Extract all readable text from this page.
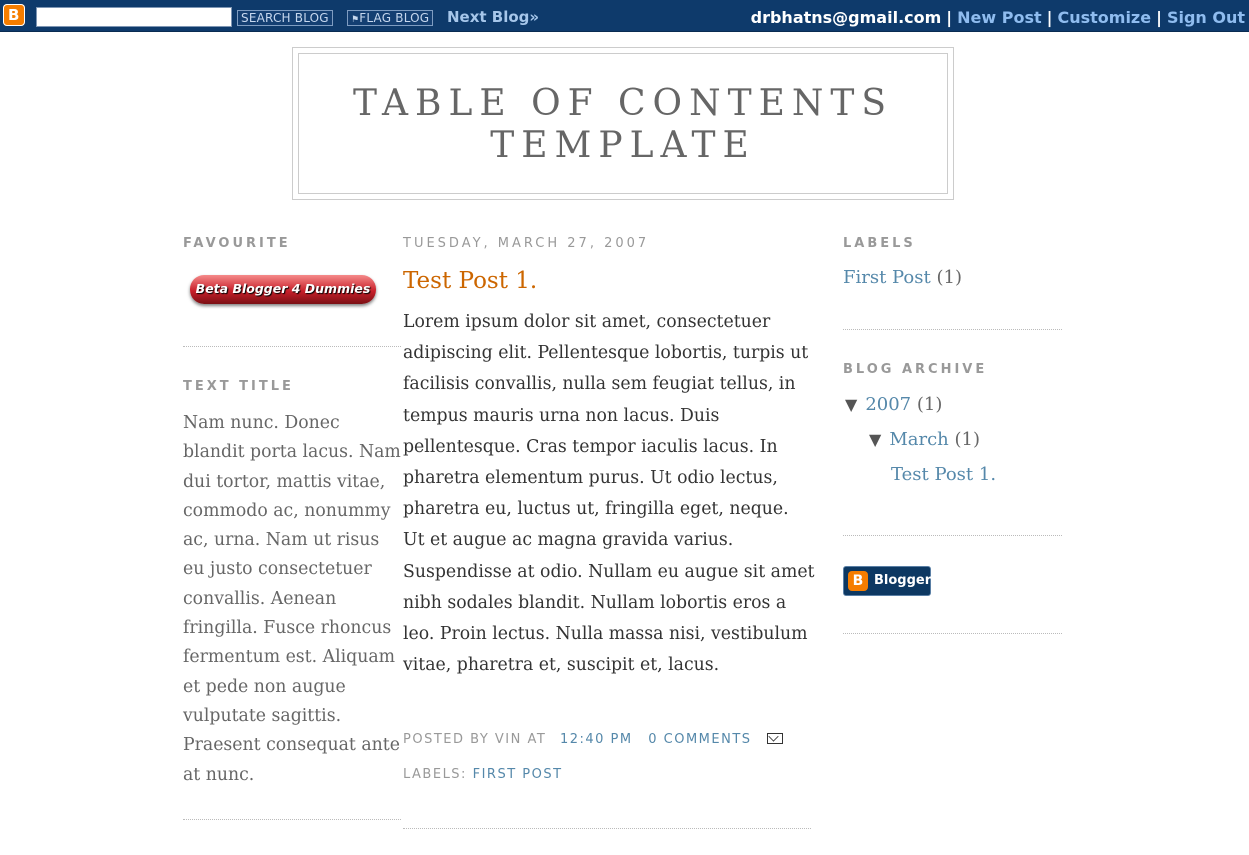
B	SEARCH BLOG	⚑FLAG BLOG Next Blog»	drbhatns@gmail.com | New Post | Customize | Sign Out
TABLE OF CONTENTS
TEMPLATE
FAVOURITE
Beta Blogger 4 Dummies
TEXT TITLE
Nam nunc. Donec blandit porta lacus. Nam dui tortor, mattis vitae, commodo ac, nonummy ac, urna. Nam ut risus eu justo consectetuer convallis. Aenean fringilla. Fusce rhoncus fermentum est. Aliquam et pede non augue vulputate sagittis. Praesent consequat ante at nunc.
TUESDAY, MARCH 27, 2007
Test Post 1.
Lorem ipsum dolor sit amet, consectetuer adipiscing elit. Pellentesque lobortis, turpis ut facilisis convallis, nulla sem feugiat tellus, in tempus mauris urna non lacus. Duis pellentesque. Cras tempor iaculis lacus. In pharetra elementum purus. Ut odio lectus, pharetra eu, luctus ut, fringilla eget, neque. Ut et augue ac magna gravida varius. Suspendisse at odio. Nullam eu augue sit amet nibh sodales blandit. Nullam lobortis eros a leo. Proin lectus. Nulla massa nisi, vestibulum vitae, pharetra et, suscipit et, lacus.
POSTED BY VIN AT 12:40 PM 0 COMMENTS
LABELS: FIRST POST
LABELS
First Post (1)
BLOG ARCHIVE
▼ 2007 (1)
▼ March (1)
Test Post 1.
B Blogger
